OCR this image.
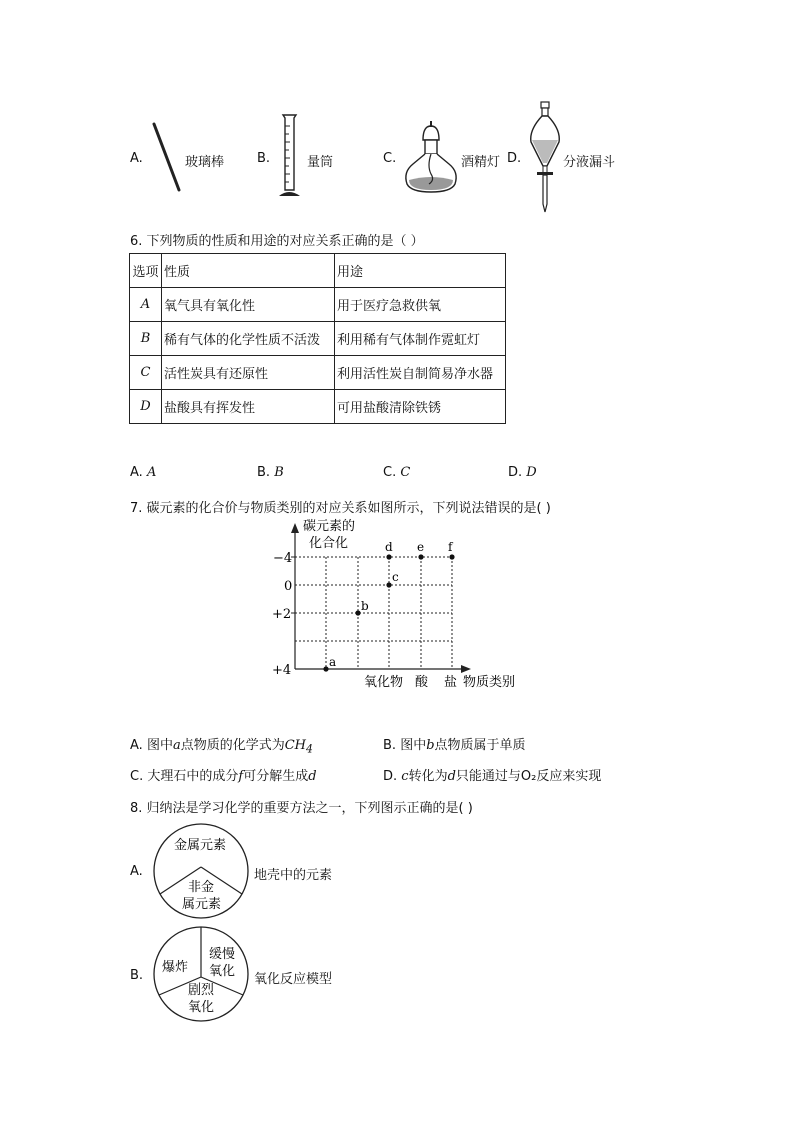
A.	玻璃棒	B.	量筒	C.	酒精灯 D.	分液漏斗
6. 下列物质的性质和用途的对应关系正确的是（ ）
选项	性质	用途
A	氧气具有氧化性	用于医疗急救供氧
B	稀有气体的化学性质不活泼	利用稀有气体制作霓虹灯
C	活性炭具有还原性	利用活性炭自制简易净水器
D	盐酸具有挥发性	可用盐酸清除铁锈
A. A	B. B	C. C	D. D
7. 碳元素的化合价与物质类别的对应关系如图所示，下列说法错误的是( )
碳元素的
化合化
−4
0
+2
+4
氧化物 酸 盐 物质类别
a
b
c
d e f
A. 图中a点物质的化学式为$CH_4$	B. 图中b点物质属于单质
C. 大理石中的成分f可分解生成d	D. c转化为d只能通过与O₂反应来实现
8. 归纳法是学习化学的重要方法之一，下列图示正确的是( )
A.
金属元素
非金
属元素
地壳中的元素
B.
爆炸
缓慢
氧化
剧烈
氧化
氧化反应模型
